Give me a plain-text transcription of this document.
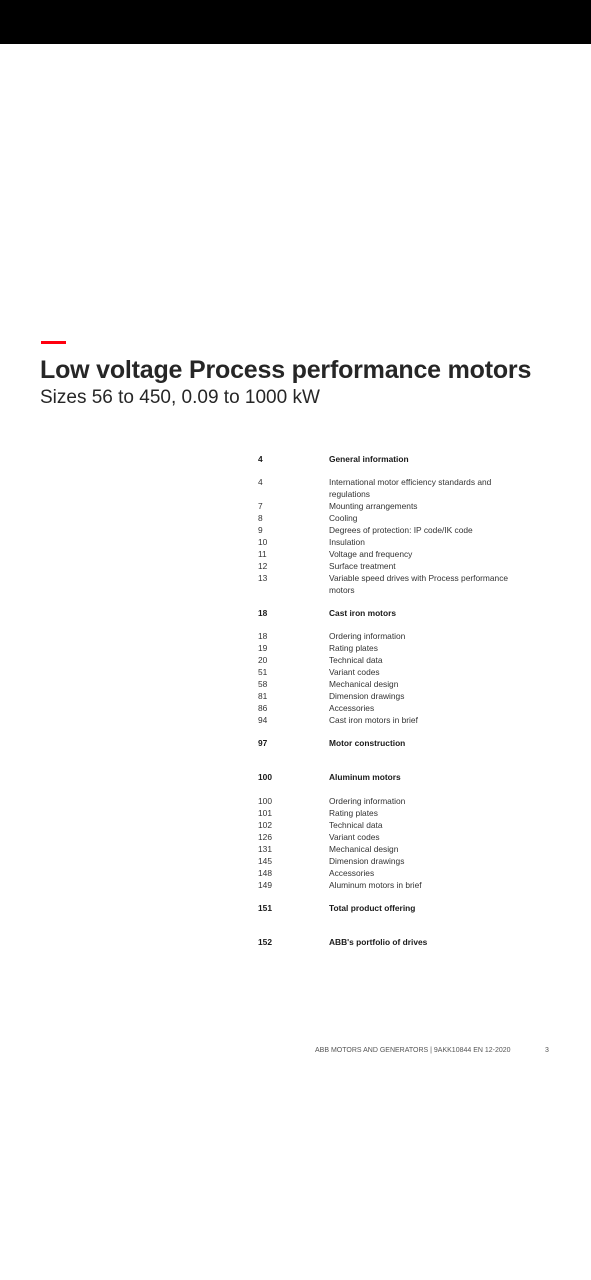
Low voltage Process performance motors
Sizes 56 to 450, 0.09 to 1000 kW
4	General information
4	International motor efficiency standards and regulations
7	Mounting arrangements
8	Cooling
9	Degrees of protection: IP code/IK code
10	Insulation
11	Voltage and frequency
12	Surface treatment
13	Variable speed drives with Process performance motors
18	Cast iron motors
18	Ordering information
19	Rating plates
20	Technical data
51	Variant codes
58	Mechanical design
81	Dimension drawings
86	Accessories
94	Cast iron motors in brief
97	Motor construction
100	Aluminum motors
100	Ordering information
101	Rating plates
102	Technical data
126	Variant codes
131	Mechanical design
145	Dimension drawings
148	Accessories
149	Aluminum motors in brief
151	Total product offering
152	ABB's portfolio of drives
ABB MOTORS AND GENERATORS | 9AKK10844 EN 12-2020	3
